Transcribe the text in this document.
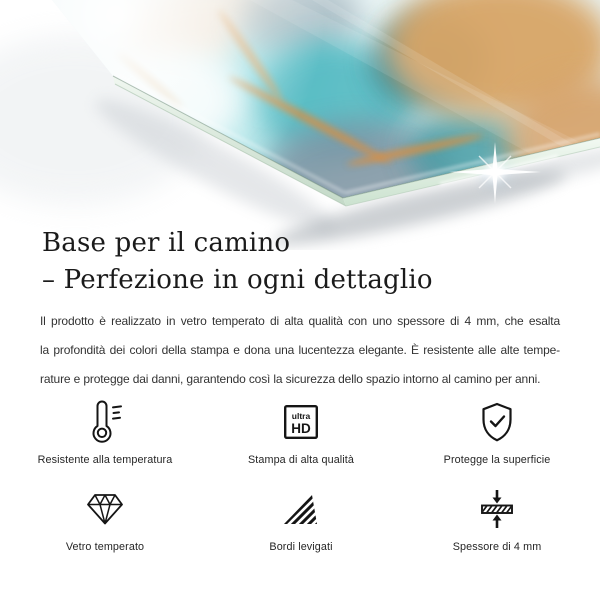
Base per il camino
– Perfezione in ogni dettaglio
Il prodotto è realizzato in vetro temperato di alta qualità con uno spessore di 4 mm, che esalta
la profondità dei colori della stampa e dona una lucentezza elegante. È resistente alle alte tempe-
rature e protegge dai danni, garantendo così la sicurezza dello spazio intorno al camino per anni.
Resistente alla temperatura
ultra
HD
Stampa di alta qualità	Protegge la superficie
Vetro temperato	Bordi levigati	Spessore di 4 mm
